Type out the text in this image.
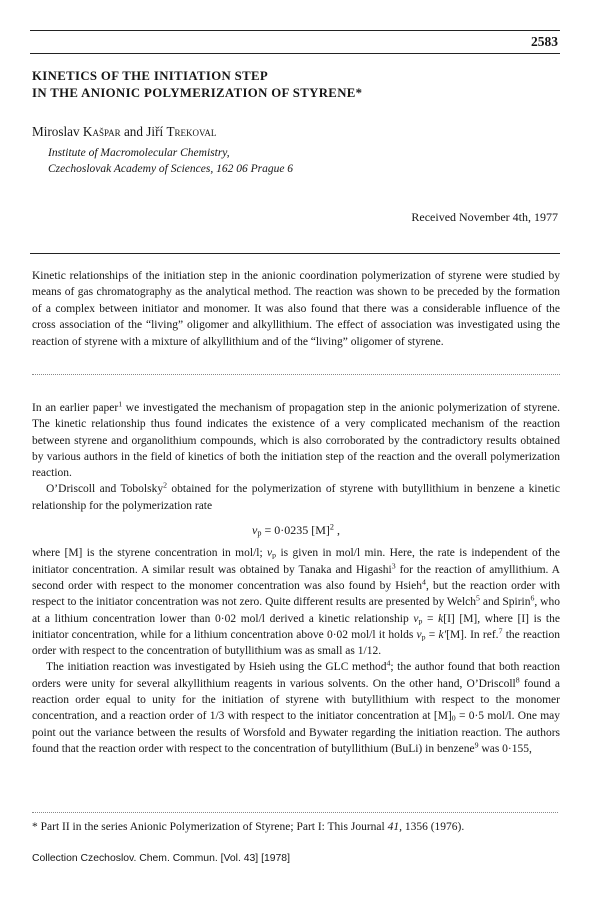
2583
KINETICS OF THE INITIATION STEP
IN THE ANIONIC POLYMERIZATION OF STYRENE*
Miroslav Kašpar and Jiří Trekoval
Institute of Macromolecular Chemistry,
Czechoslovak Academy of Sciences, 162 06 Prague 6
Received November 4th, 1977
Kinetic relationships of the initiation step in the anionic coordination polymerization of styrene were studied by means of gas chromatography as the analytical method. The reaction was shown to be preceded by the formation of a complex between initiator and monomer. It was also found that there was a considerable influence of the cross association of the “living” oligomer and alkyllithium. The effect of association was investigated using the reaction of styrene with a mixture of alkyllithium and of the “living” oligomer of styrene.

In an earlier paper$^1$ we investigated the mechanism of propagation step in the anionic polymerization of styrene. The kinetic relationship thus found indicates the existence of a very complicated mechanism of the reaction between styrene and organolithium compounds, which is also corroborated by the contradictory results obtained by various authors in the field of kinetics of both the initiation step of the reaction and the overall polymerization reaction.

O’Driscoll and Tobolsky$^2$ obtained for the polymerization of styrene with butyllithium in benzene a kinetic relationship for the polymerization rate

$v_p = 0\cdot 0235$ $[M]^2$ ,

where [M] is the styrene concentration in mol/l; $v_p$ is given in mol/l min. Here, the rate is independent of the initiator concentration. A similar result was obtained by Tanaka and Higashi$^3$ for the reaction of amyllithium. A second order with respect to the monomer concentration was also found by Hsieh$^4$, but the reaction order with respect to the initiator concentration was not zero. Quite different results are presented by Welch$^5$ and Spirin$^6$, who at a lithium concentration lower than 0·02 mol/l derived a kinetic relationship $v_p = k[I]$ [M], where [I] is the initiator concentration, while for a lithium concentration above 0·02 mol/l it holds $v_p = k'[M]$. In ref.$^7$ the reaction order with respect to the concentration of butyllithium was as small as 1/12.

The initiation reaction was investigated by Hsieh using the GLC method$^4$; the author found that both reaction orders were unity for several alkyllithium reagents in various solvents. On the other hand, O’Driscoll$^8$ found a reaction order equal to unity for the initiation of styrene with butyllithium with respect to the monomer concentration, and a reaction order of 1/3 with respect to the initiator concentration at $[M]_0 = 0\cdot 5$ mol/l. One may point out the variance between the results of Worsfold and Bywater regarding the initiation reaction. The authors found that the reaction order with respect to the concentration of butyllithium (BuLi) in benzene$^9$ was 0·155,

* Part II in the series Anionic Polymerization of Styrene; Part I: This Journal 41, 1356 (1976).
Collection Czechoslov. Chem. Commun. [Vol. 43] [1978]
